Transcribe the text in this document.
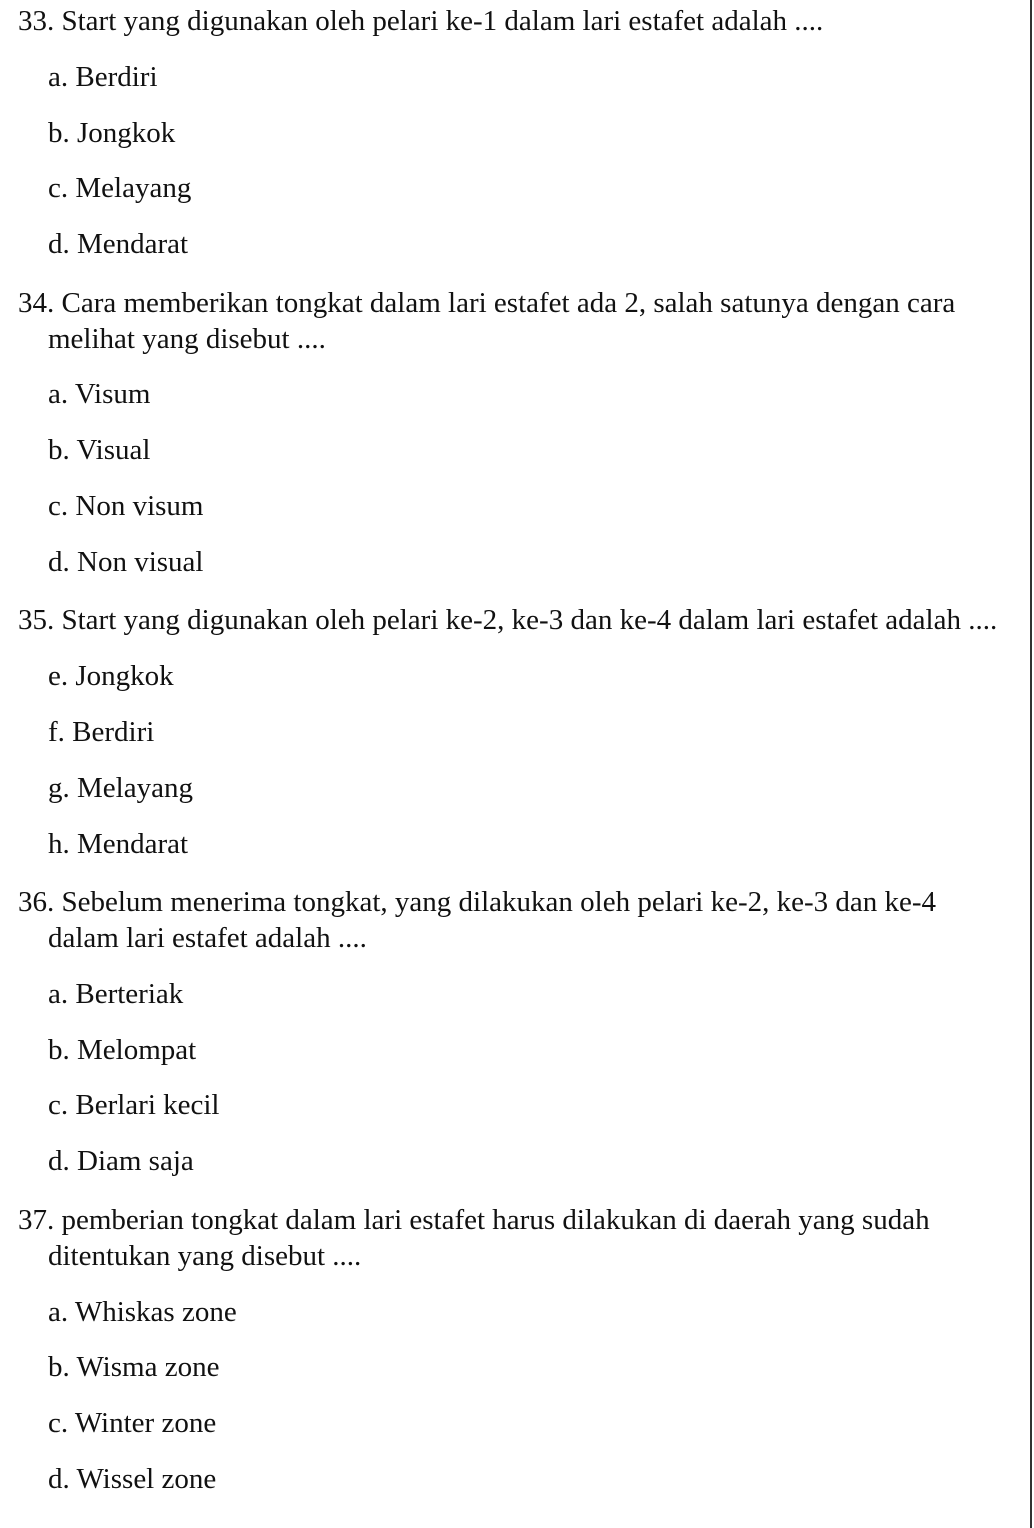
33. Start yang digunakan oleh pelari ke-1 dalam lari estafet adalah ....

a. Berdiri
b. Jongkok
c. Melayang
d. Mendarat

34. Cara memberikan tongkat dalam lari estafet ada 2, salah satunya dengan cara melihat yang disebut ....

a. Visum
b. Visual
c. Non visum
d. Non visual

35. Start yang digunakan oleh pelari ke-2, ke-3 dan ke-4 dalam lari estafet adalah ....

e. Jongkok
f. Berdiri
g. Melayang
h. Mendarat

36. Sebelum menerima tongkat, yang dilakukan oleh pelari ke-2, ke-3 dan ke-4 dalam lari estafet adalah ....

a. Berteriak
b. Melompat
c. Berlari kecil
d. Diam saja

37. pemberian tongkat dalam lari estafet harus dilakukan di daerah yang sudah ditentukan yang disebut ....

a. Whiskas zone
b. Wisma zone
c. Winter zone
d. Wissel zone
